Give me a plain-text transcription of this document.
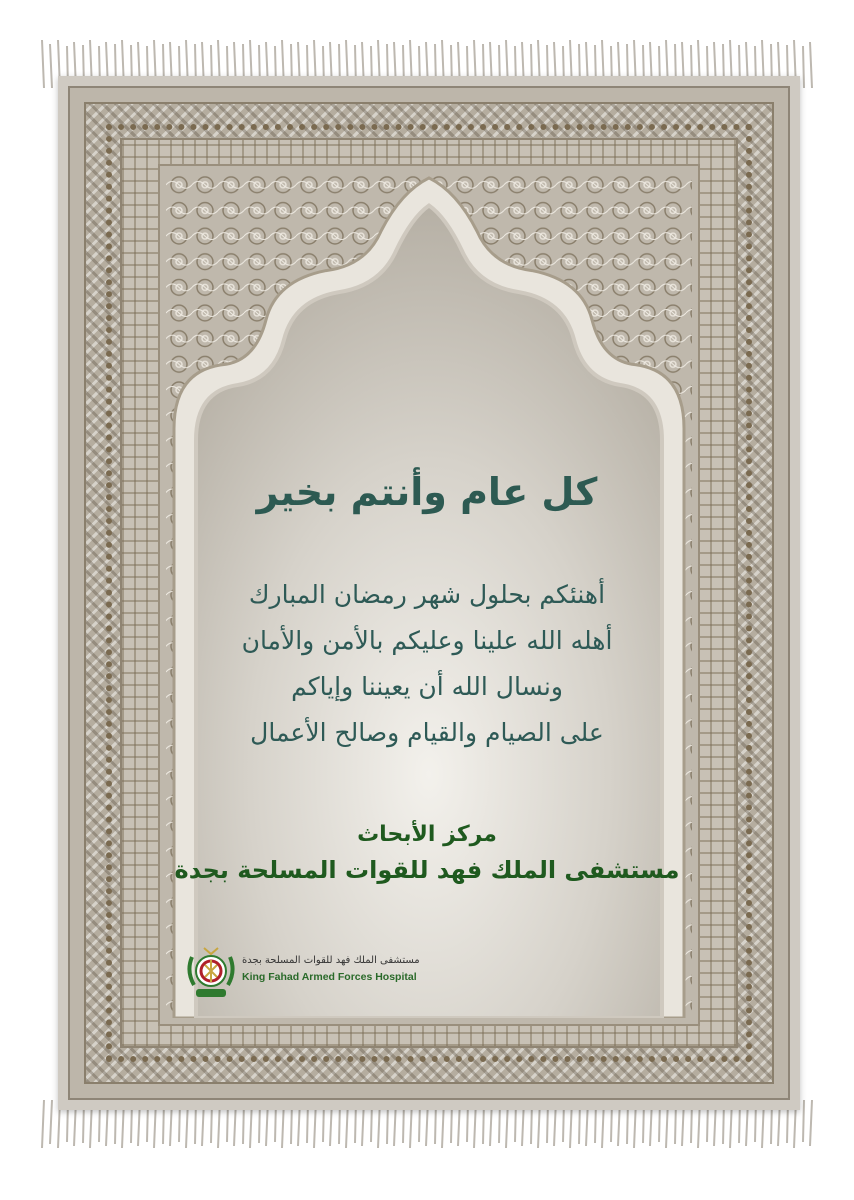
كل عام وأنتم بخير
أهنئكم بحلول شهر رمضان المبارك
أهله الله علينا وعليكم بالأمن والأمان
ونسال الله أن يعيننا وإياكم
على الصيام والقيام وصالح الأعمال
مركز الأبحاث
مستشفى الملك فهد للقوات المسلحة بجدة
مستشفى الملك فهد للقوات المسلحة بجدة
King Fahad Armed Forces Hospital
